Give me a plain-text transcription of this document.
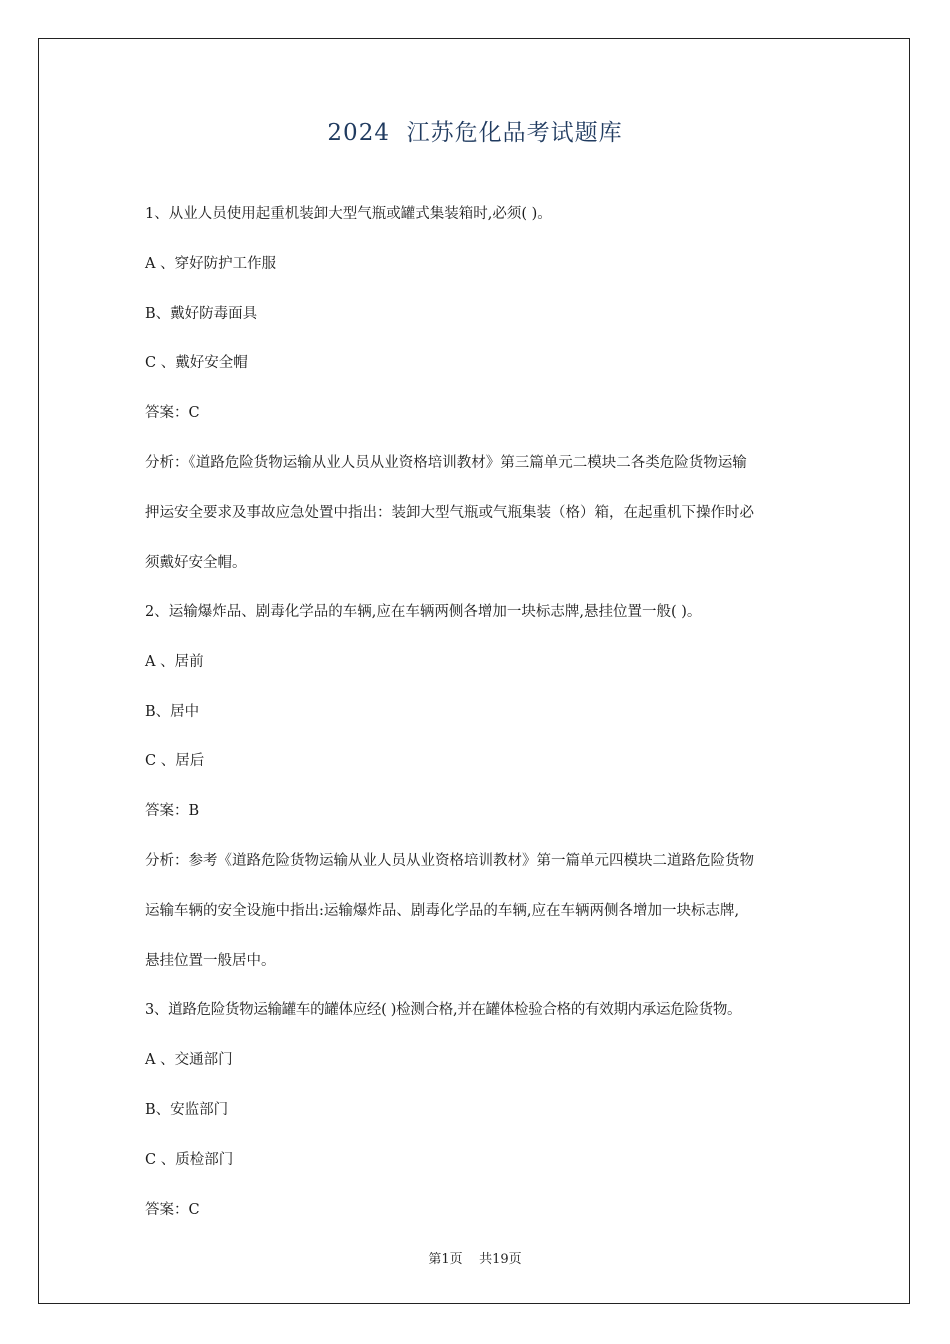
2024  江苏危化品考试题库
1、从业人员使用起重机装卸大型气瓶或罐式集装箱时,必须( )。
A 、穿好防护工作服
B、戴好防毒面具
C 、戴好安全帽
答案：C
分析：《道路危险货物运输从业人员从业资格培训教材》第三篇单元二模块二各类危险货物运输
押运安全要求及事故应急处置中指出：装卸大型气瓶或气瓶集装（格）箱，在起重机下操作时必
须戴好安全帽。
2、运输爆炸品、剧毒化学品的车辆,应在车辆两侧各增加一块标志牌,悬挂位置一般( )。
A 、居前
B、居中
C 、居后
答案：B
分析：参考《道路危险货物运输从业人员从业资格培训教材》第一篇单元四模块二道路危险货物
运输车辆的安全设施中指出:运输爆炸品、剧毒化学品的车辆,应在车辆两侧各增加一块标志牌,
悬挂位置一般居中。
3、道路危险货物运输罐车的罐体应经( )检测合格,并在罐体检验合格的有效期内承运危险货物。
A 、交通部门
B、安监部门
C 、质检部门
答案：C
第1页    共19页
